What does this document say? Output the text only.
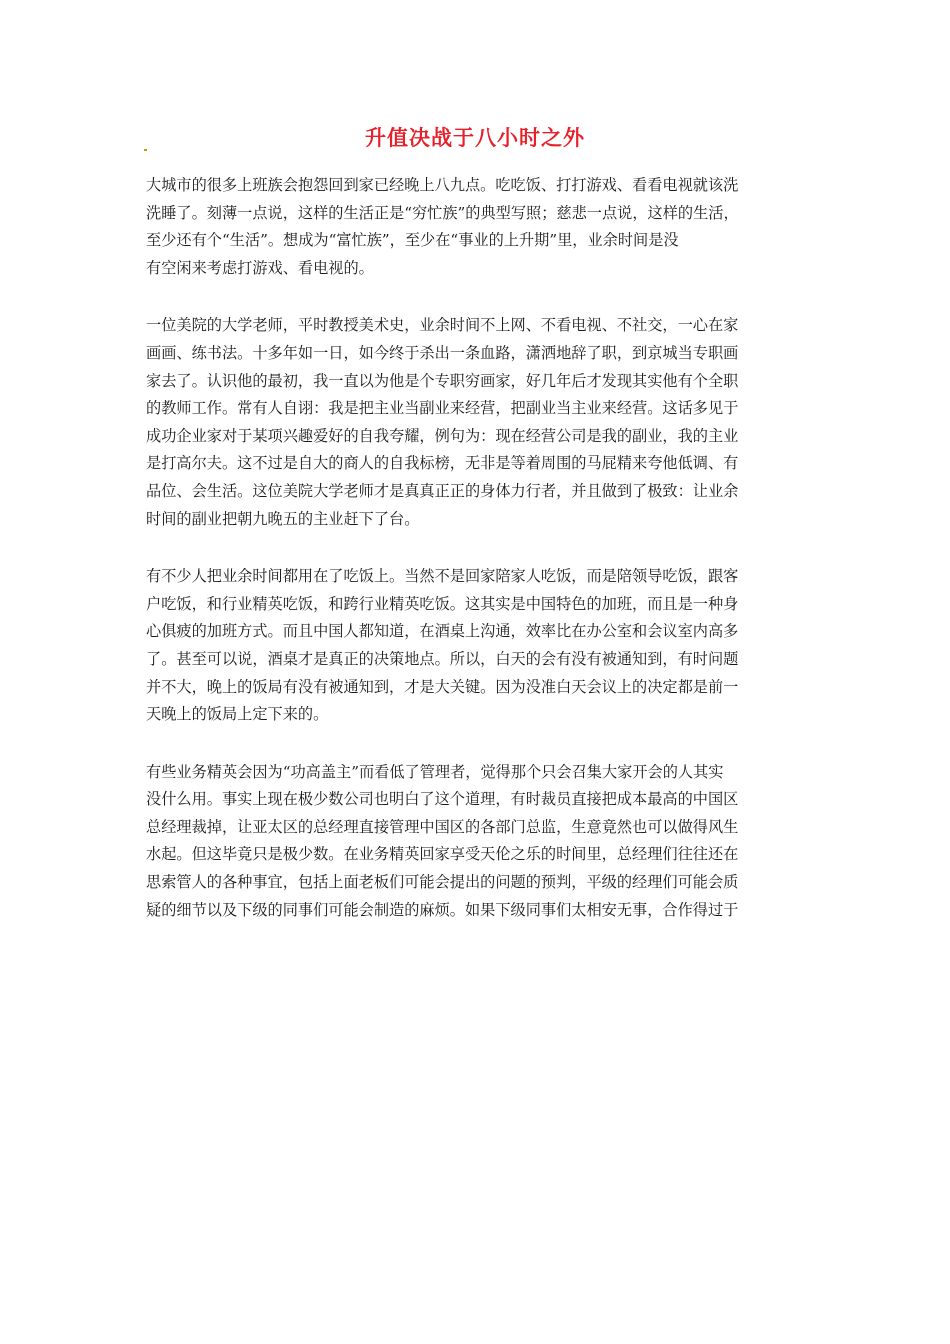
升值决战于八小时之外

大城市的很多上班族会抱怨回到家已经晚上八九点。吃吃饭、打打游戏、看看电视就该洗
洗睡了。刻薄一点说，这样的生活正是“穷忙族”的典型写照；慈悲一点说，这样的生活，
至少还有个“生活”。想成为“富忙族”，至少在“事业的上升期”里，业余时间是没
有空闲来考虑打游戏、看电视的。

一位美院的大学老师，平时教授美术史，业余时间不上网、不看电视、不社交，一心在家
画画、练书法。十多年如一日，如今终于杀出一条血路，潇洒地辞了职，到京城当专职画
家去了。认识他的最初，我一直以为他是个专职穷画家，好几年后才发现其实他有个全职
的教师工作。常有人自诩：我是把主业当副业来经营，把副业当主业来经营。这话多见于
成功企业家对于某项兴趣爱好的自我夸耀，例句为：现在经营公司是我的副业，我的主业
是打高尔夫。这不过是自大的商人的自我标榜，无非是等着周围的马屁精来夸他低调、有
品位、会生活。这位美院大学老师才是真真正正的身体力行者，并且做到了极致：让业余
时间的副业把朝九晚五的主业赶下了台。

有不少人把业余时间都用在了吃饭上。当然不是回家陪家人吃饭，而是陪领导吃饭，跟客
户吃饭，和行业精英吃饭，和跨行业精英吃饭。这其实是中国特色的加班，而且是一种身
心俱疲的加班方式。而且中国人都知道，在酒桌上沟通，效率比在办公室和会议室内高多
了。甚至可以说，酒桌才是真正的决策地点。所以，白天的会有没有被通知到，有时问题
并不大，晚上的饭局有没有被通知到，才是大关键。因为没准白天会议上的决定都是前一
天晚上的饭局上定下来的。

有些业务精英会因为“功高盖主”而看低了管理者，觉得那个只会召集大家开会的人其实
没什么用。事实上现在极少数公司也明白了这个道理，有时裁员直接把成本最高的中国区
总经理裁掉，让亚太区的总经理直接管理中国区的各部门总监，生意竟然也可以做得风生
水起。但这毕竟只是极少数。在业务精英回家享受天伦之乐的时间里，总经理们往往还在
思索管人的各种事宜，包括上面老板们可能会提出的问题的预判，平级的经理们可能会质
疑的细节以及下级的同事们可能会制造的麻烦。如果下级同事们太相安无事，合作得过于
